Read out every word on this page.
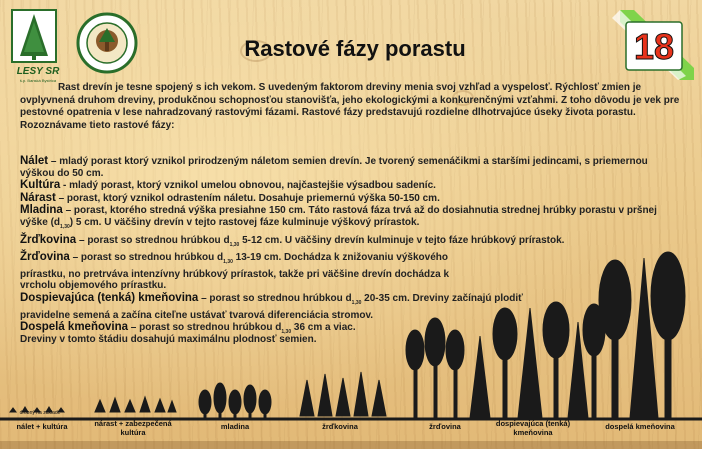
LESY SR
š.p. Banská Bystrica
Rastové fázy porastu	18

Rast drevín je tesne spojený s ich vekom. S uvedeným faktorom dreviny menia svoj vzhľad a vyspelosť. Rýchlosť zmien je ovplyvnená druhom dreviny, produkčnou schopnosťou stanovišťa, jeho ekologickými a konkurenčnými vzťahmi. Z toho dôvodu je vek pre pestovné opatrenia v lese nahradzovaný rastovými fázami. Rastové fázy predstavujú rozdielne dlhotrvajúce úseky života porastu. Rozoznávame tieto rastové fázy:

Nálet – mladý porast ktorý vznikol prirodzeným náletom semien drevín. Je tvorený semenáčikmi a staršími jedincami, s priemernou výškou do 50 cm.
Kultúra - mladý porast, ktorý vznikol umelou obnovou, najčastejšie výsadbou sadeníc.
Nárast – porast, ktorý vznikol odrastením náletu. Dosahuje priemernú výška 50-150 cm.
Mladina – porast, ktorého stredná výška presiahne 150 cm. Táto rastová fáza trvá až do dosiahnutia strednej hrúbky porastu v pršnej výške $(d_{1,30})$ 5 cm. U väčšiny drevín v tejto rastovej fáze kulminuje výškový prírastok.
Žrďkovina – porast so strednou hrúbkou $d_{1,30}$ 5-12 cm. U väčšiny drevín kulminuje v tejto fáze hrúbkový prírastok.
Žrďovina – porast so strednou hrúbkou $d_{1,30}$ 13-19 cm. Dochádza k znižovaniu výškového prírastku, no pretrváva intenzívny hrúbkový prírastok, takže pri väčšine drevín dochádza k vrcholu objemového prírastku.
Dospievajúca (tenká) kmeňovina – porast so strednou hrúbkou $d_{1,30}$ 20-35 cm. Dreviny začínajú plodiť pravidelne semená a začína citeľne ustávať tvarová diferenciácia stromov.
Dospelá kmeňovina – porast so strednou hrúbkou $d_{1,30}$ 36 cm a viac.
Dreviny v tomto štádiu dosahujú maximálnu plodnosť semien.
drobný na základe
nálet + kultúra	nárast + zabezpečená kultúra
mladina	žrďkovina	žrďovina	dospievajúca (tenká) kmeňovina
dospelá kmeňovina
